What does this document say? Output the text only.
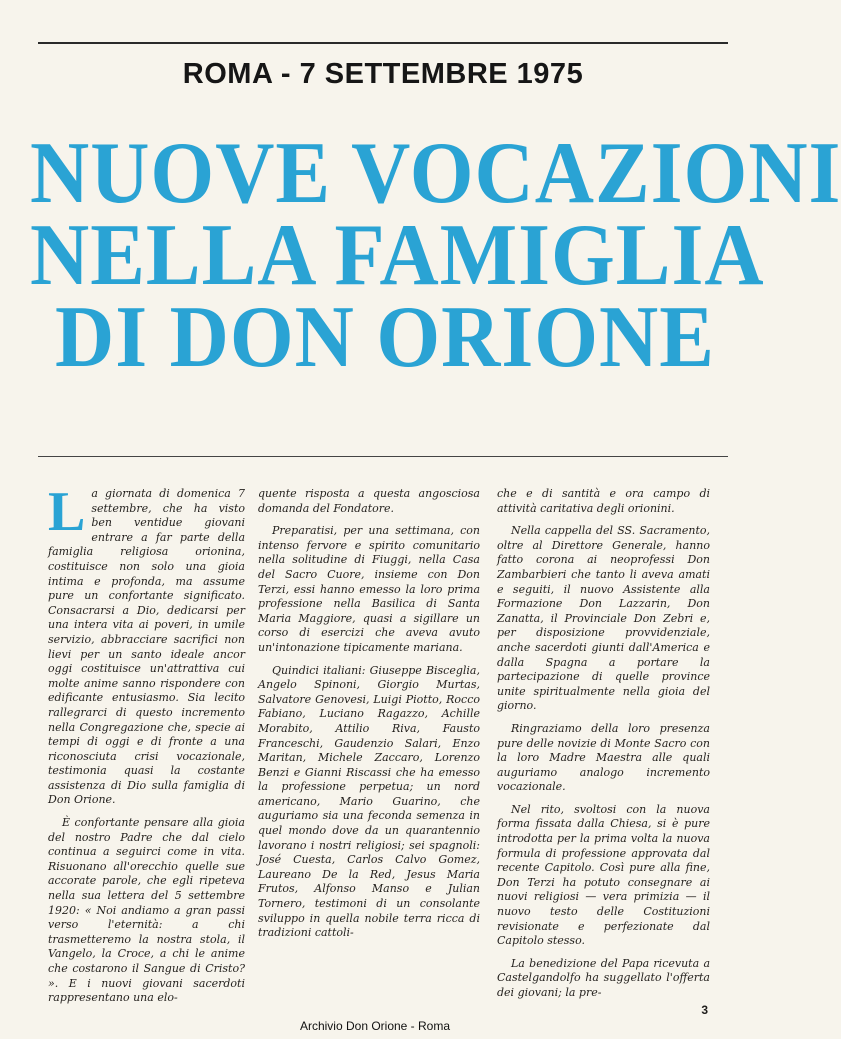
ROMA - 7 SETTEMBRE 1975
NUOVE VOCAZIONI
NELLA FAMIGLIA
DI DON ORIONE

La giornata di domenica 7 settembre, che ha visto ben ventidue giovani entrare a far parte della famiglia religiosa orionina, costituisce non solo una gioia intima e profonda, ma assume pure un confortante significato. Consacrarsi a Dio, dedicarsi per una intera vita ai poveri, in umile servizio, abbracciare sacrifici non lievi per un santo ideale ancor oggi costituisce un'attrattiva cui molte anime sanno rispondere con edificante entusiasmo. Sia lecito rallegrarci di questo incremento nella Congregazione che, specie ai tempi di oggi e di fronte a una riconosciuta crisi vocazionale, testimonia quasi la costante assistenza di Dio sulla famiglia di Don Orione.

È confortante pensare alla gioia del nostro Padre che dal cielo continua a seguirci come in vita. Risuonano all'orecchio quelle sue accorate parole, che egli ripeteva nella sua lettera del 5 settembre 1920: « Noi andiamo a gran passi verso l'eternità: a chi trasmetteremo la nostra stola, il Vangelo, la Croce, a chi le anime che costarono il Sangue di Cristo? ». E i nuovi giovani sacerdoti rappresentano una elo-

quente risposta a questa angosciosa domanda del Fondatore.

Preparatisi, per una settimana, con intenso fervore e spirito comunitario nella solitudine di Fiuggi, nella Casa del Sacro Cuore, insieme con Don Terzi, essi hanno emesso la loro prima professione nella Basilica di Santa Maria Maggiore, quasi a sigillare un corso di esercizi che aveva avuto un'intonazione tipicamente mariana.

Quindici italiani: Giuseppe Bisceglia, Angelo Spinoni, Giorgio Murtas, Salvatore Genovesi, Luigi Piotto, Rocco Fabiano, Luciano Ragazzo, Achille Morabito, Attilio Riva, Fausto Franceschi, Gaudenzio Salari, Enzo Maritan, Michele Zaccaro, Lorenzo Benzi e Gianni Riscassi che ha emesso la professione perpetua; un nord americano, Mario Guarino, che auguriamo sia una feconda semenza in quel mondo dove da un quarantennio lavorano i nostri religiosi; sei spagnoli: José Cuesta, Carlos Calvo Gomez, Laureano De la Red, Jesus Maria Frutos, Alfonso Manso e Julian Tornero, testimoni di un consolante sviluppo in quella nobile terra ricca di tradizioni cattoli-

che e di santità e ora campo di attività caritativa degli orionini.

Nella cappella del SS. Sacramento, oltre al Direttore Generale, hanno fatto corona ai neoprofessi Don Zambarbieri che tanto li aveva amati e seguiti, il nuovo Assistente alla Formazione Don Lazzarin, Don Zanatta, il Provinciale Don Zebri e, per disposizione provvidenziale, anche sacerdoti giunti dall'America e dalla Spagna a portare la partecipazione di quelle province unite spiritualmente nella gioia del giorno.

Ringraziamo della loro presenza pure delle novizie di Monte Sacro con la loro Madre Maestra alle quali auguriamo analogo incremento vocazionale.

Nel rito, svoltosi con la nuova forma fissata dalla Chiesa, si è pure introdotta per la prima volta la nuova formula di professione approvata dal recente Capitolo. Così pure alla fine, Don Terzi ha potuto consegnare ai nuovi religiosi — vera primizia — il nuovo testo delle Costituzioni revisionate e perfezionate dal Capitolo stesso.

La benedizione del Papa ricevuta a Castelgandolfo ha suggellato l'offerta dei giovani; la pre-

3
Archivio Don Orione - Roma
